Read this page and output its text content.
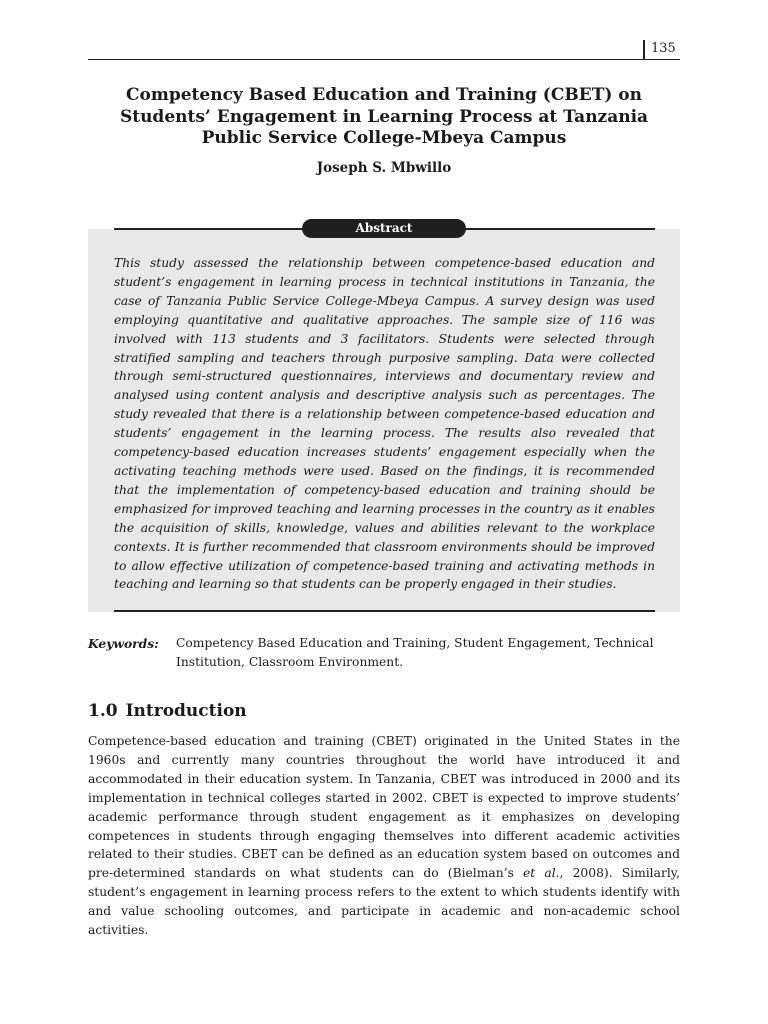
135
Competency Based Education and Training (CBET) on Students’ Engagement in Learning Process at Tanzania Public Service College-Mbeya Campus
Joseph S. Mbwillo
Abstract

This study assessed the relationship between competence-based education and student’s engagement in learning process in technical institutions in Tanzania, the case of Tanzania Public Service College-Mbeya Campus. A survey design was used employing quantitative and qualitative approaches. The sample size of 116 was involved with 113 students and 3 facilitators. Students were selected through stratified sampling and teachers through purposive sampling. Data were collected through semi-structured questionnaires, interviews and documentary review and analysed using content analysis and descriptive analysis such as percentages. The study revealed that there is a relationship between competence-based education and students’ engagement in the learning process. The results also revealed that competency-based education increases students’ engagement especially when the activating teaching methods were used. Based on the findings, it is recommended that the implementation of competency-based education and training should be emphasized for improved teaching and learning processes in the country as it enables the acquisition of skills, knowledge, values and abilities relevant to the workplace contexts. It is further recommended that classroom environments should be improved to allow effective utilization of competence-based training and activating methods in teaching and learning so that students can be properly engaged in their studies.

Keywords:	Competency Based Education and Training, Student Engagement, Technical Institution, Classroom Environment.
1.0 Introduction

Competence-based education and training (CBET) originated in the United States in the 1960s and currently many countries throughout the world have introduced it and accommodated in their education system. In Tanzania, CBET was introduced in 2000 and its implementation in technical colleges started in 2002. CBET is expected to improve students’ academic performance through student engagement as it emphasizes on developing competences in students through engaging themselves into different academic activities related to their studies. CBET can be defined as an education system based on outcomes and pre-determined standards on what students can do (Bielman’s et al., 2008). Similarly, student’s engagement in learning process refers to the extent to which students identify with and value schooling outcomes, and participate in academic and non-academic school activities.
